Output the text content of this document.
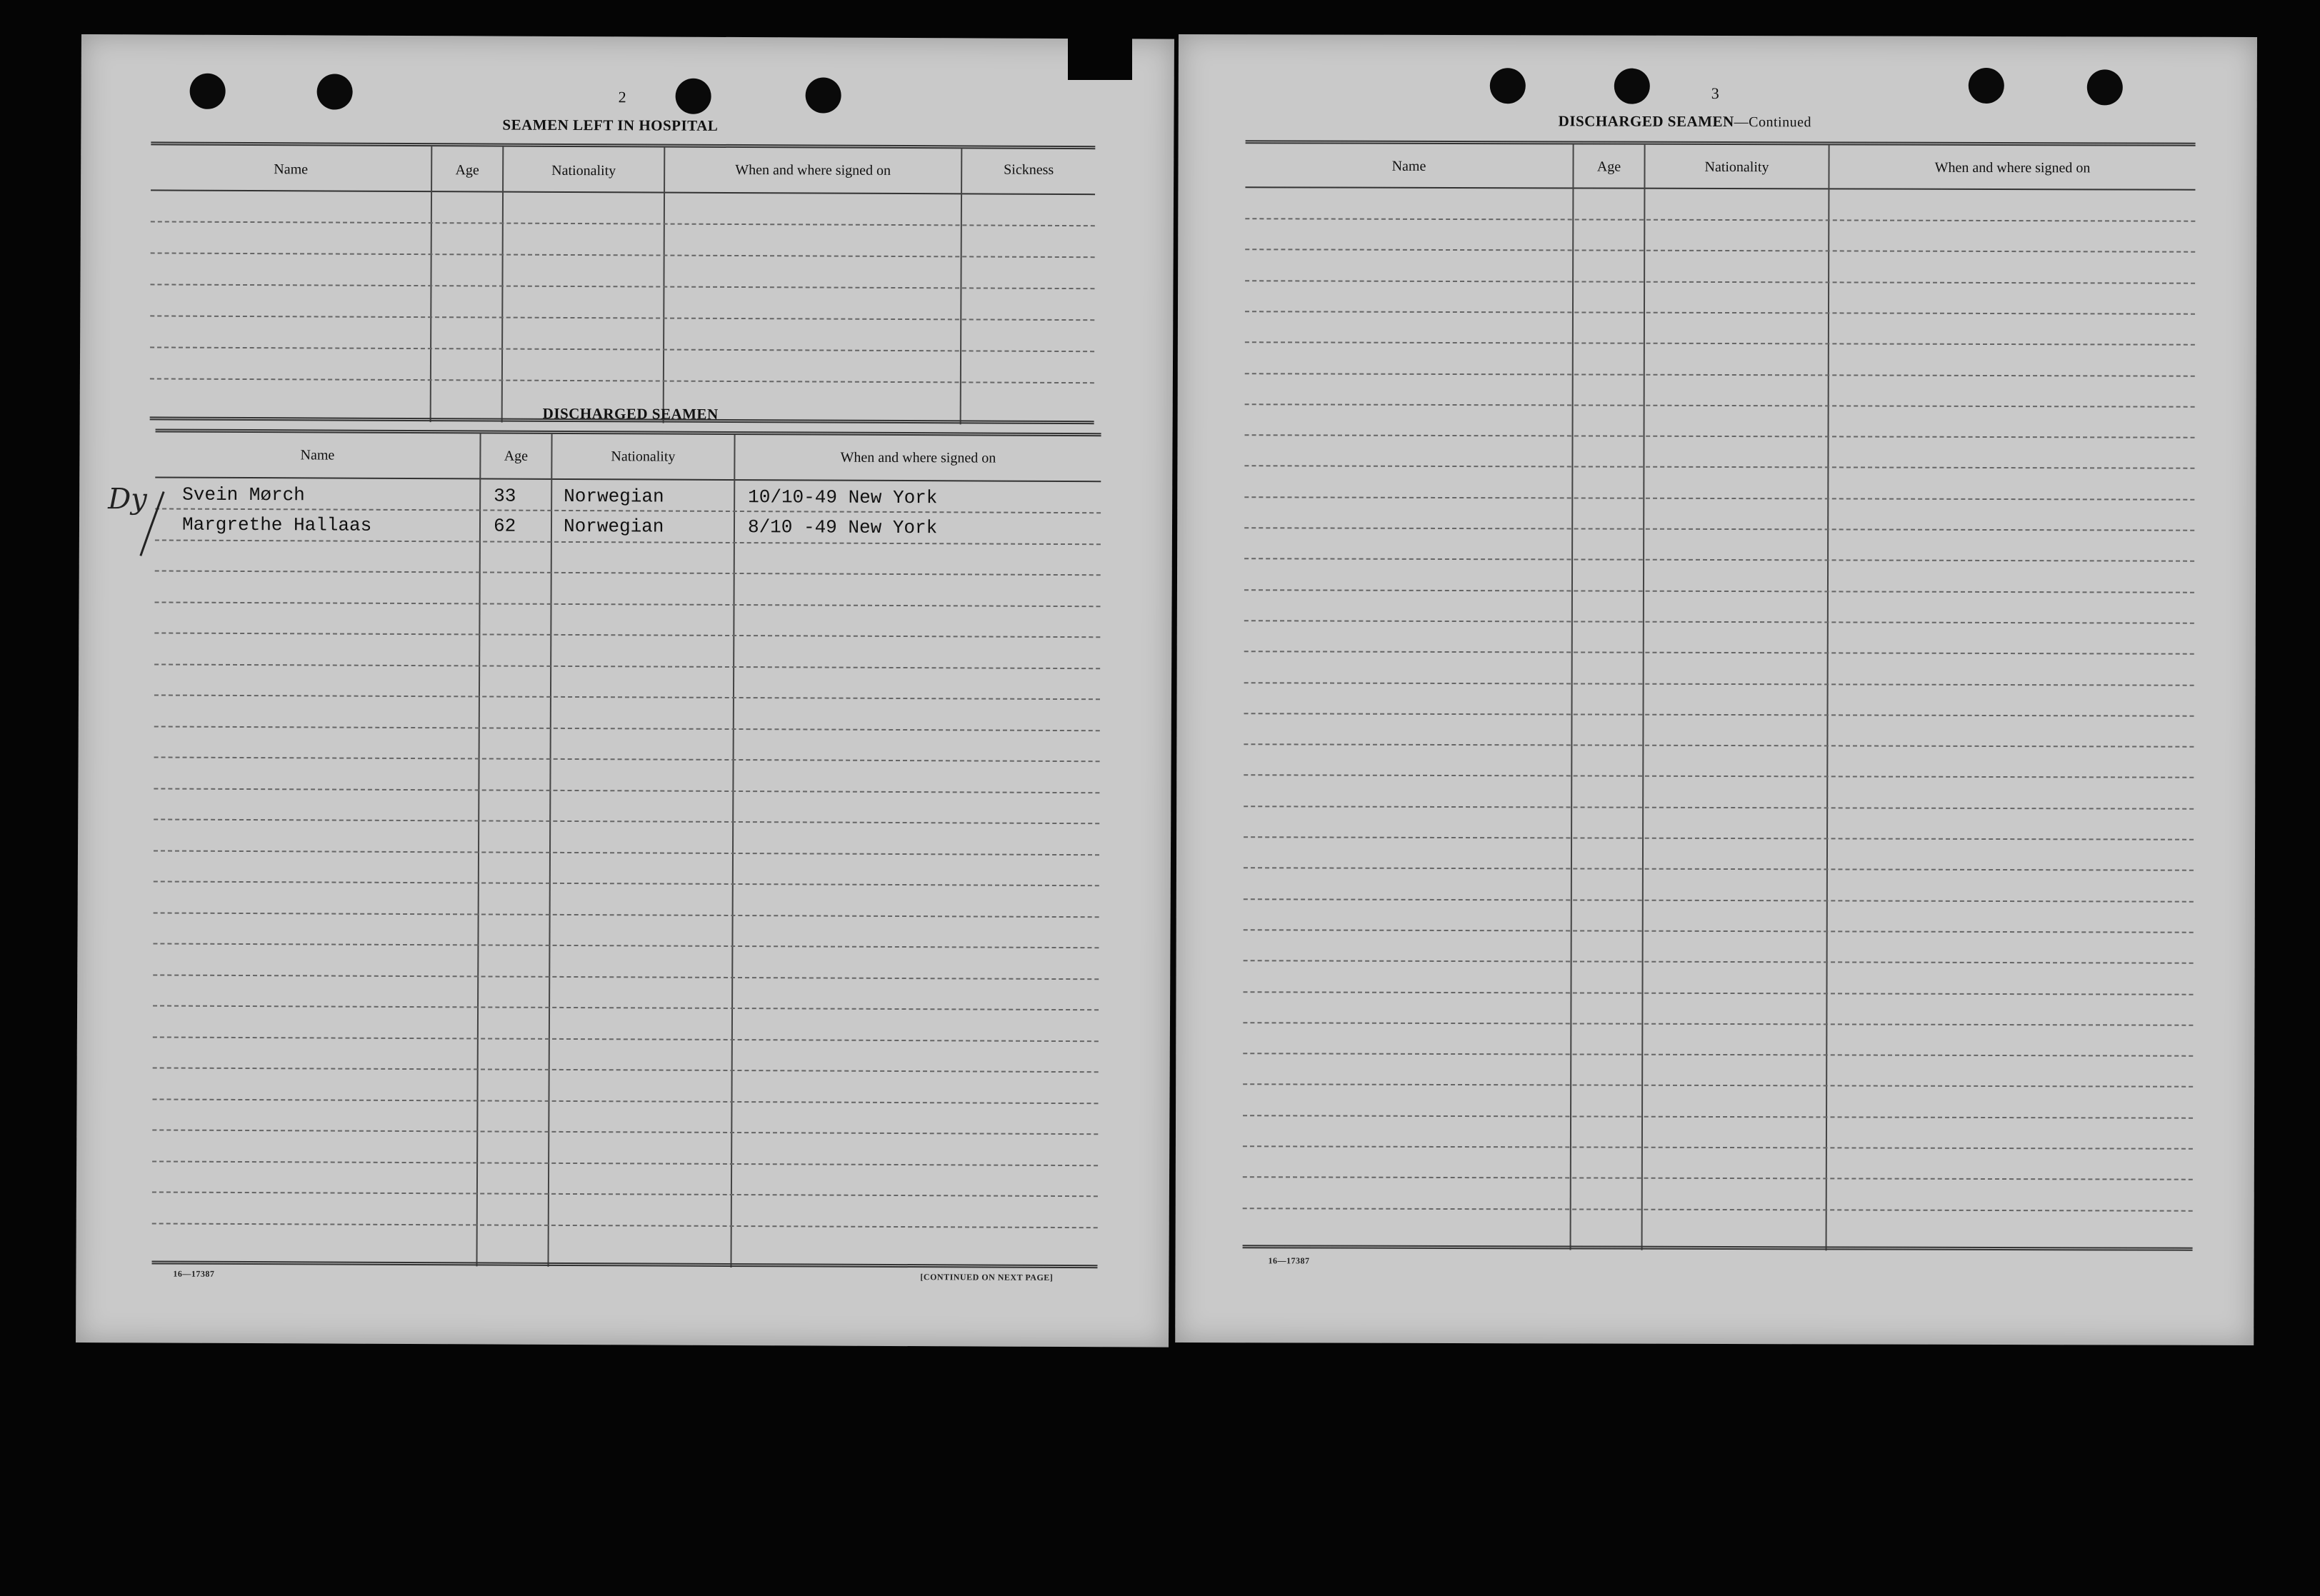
2
SEAMEN LEFT IN HOSPITAL
Name	Age	Nationality	When and where signed on	Sickness
DISCHARGED SEAMEN
Name	Age	Nationality	When and where signed on
Svein Mørch	33	Norwegian	10/10-49 New York
Margrethe Hallaas	62	Norwegian	8/10 -49 New York
Dy
16—17387	[CONTINUED ON NEXT PAGE]
3
DISCHARGED SEAMEN—Continued
Name	Age	Nationality	When and where signed on
16—17387
